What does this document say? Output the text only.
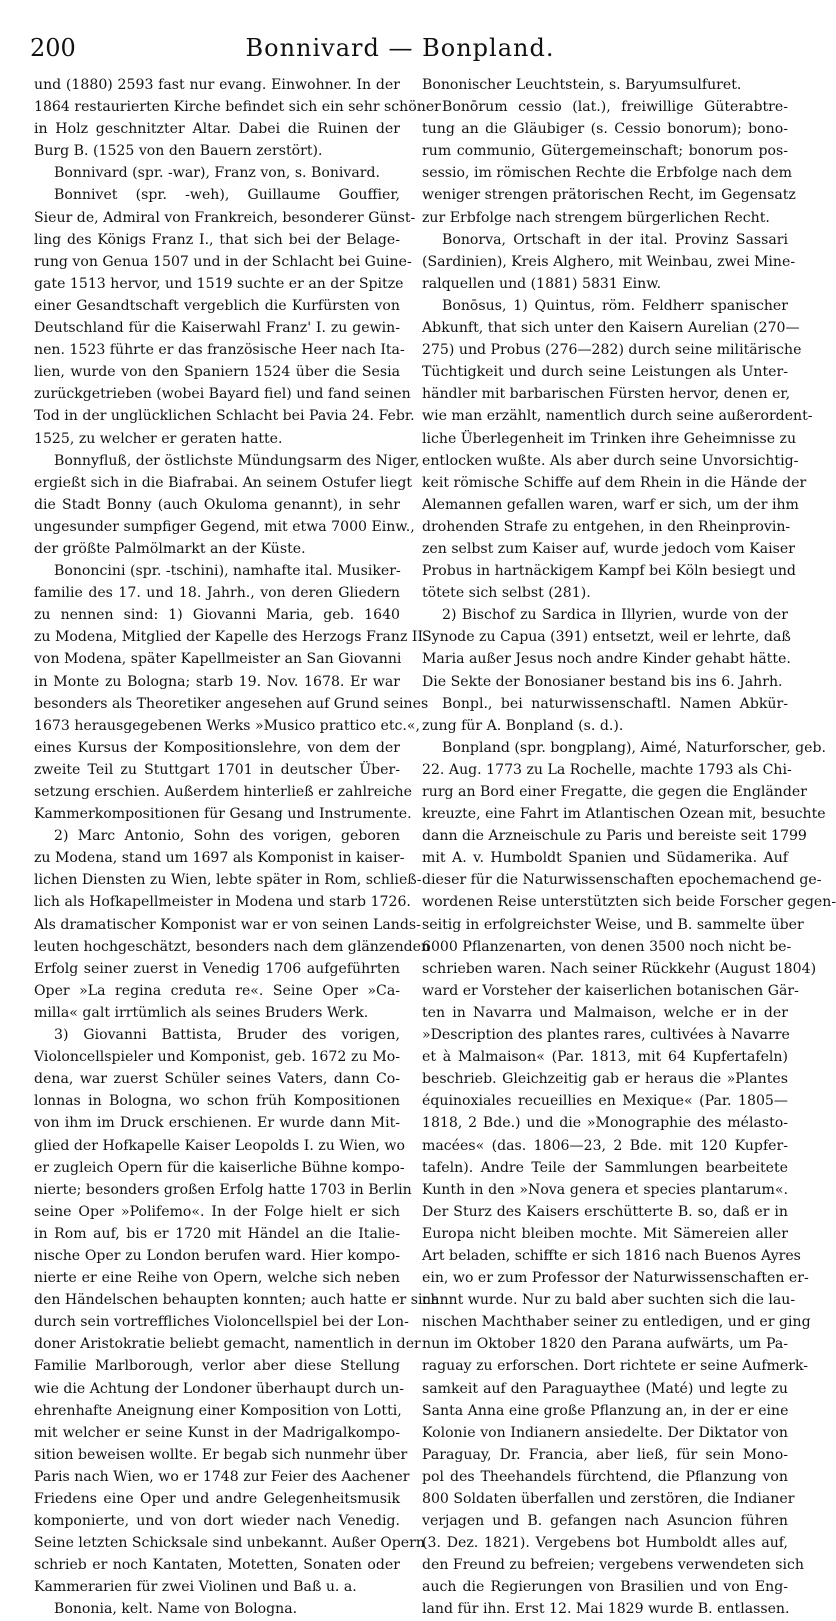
200	Bonnivard — Bonpland.
und (1880) 2593 fast nur evang. Einwohner. In der
1864 restaurierten Kirche befindet sich ein sehr schöner
in Holz geschnitzter Altar. Dabei die Ruinen der
Burg B. (1525 von den Bauern zerstört).
Bonnivard (spr. -war), Franz von, s. Bonivard.
Bonnivet (spr. -weh), Guillaume Gouffier,
Sieur de, Admiral von Frankreich, besonderer Günst-
ling des Königs Franz I., that sich bei der Belage-
rung von Genua 1507 und in der Schlacht bei Guine-
gate 1513 hervor, und 1519 suchte er an der Spitze
einer Gesandtschaft vergeblich die Kurfürsten von
Deutschland für die Kaiserwahl Franz' I. zu gewin-
nen. 1523 führte er das französische Heer nach Ita-
lien, wurde von den Spaniern 1524 über die Sesia
zurückgetrieben (wobei Bayard fiel) und fand seinen
Tod in der unglücklichen Schlacht bei Pavia 24. Febr.
1525, zu welcher er geraten hatte.
Bonnyfluß, der östlichste Mündungsarm des Niger,
ergießt sich in die Biafrabai. An seinem Ostufer liegt
die Stadt Bonny (auch Okuloma genannt), in sehr
ungesunder sumpfiger Gegend, mit etwa 7000 Einw.,
der größte Palmölmarkt an der Küste.
Bononcini (spr. -tschini), namhafte ital. Musiker-
familie des 17. und 18. Jahrh., von deren Gliedern
zu nennen sind: 1) Giovanni Maria, geb. 1640
zu Modena, Mitglied der Kapelle des Herzogs Franz II.
von Modena, später Kapellmeister an San Giovanni
in Monte zu Bologna; starb 19. Nov. 1678. Er war
besonders als Theoretiker angesehen auf Grund seines
1673 herausgegebenen Werks »Musico prattico etc.«,
eines Kursus der Kompositionslehre, von dem der
zweite Teil zu Stuttgart 1701 in deutscher Über-
setzung erschien. Außerdem hinterließ er zahlreiche
Kammerkompositionen für Gesang und Instrumente.
2) Marc Antonio, Sohn des vorigen, geboren
zu Modena, stand um 1697 als Komponist in kaiser-
lichen Diensten zu Wien, lebte später in Rom, schließ-
lich als Hofkapellmeister in Modena und starb 1726.
Als dramatischer Komponist war er von seinen Lands-
leuten hochgeschätzt, besonders nach dem glänzenden
Erfolg seiner zuerst in Venedig 1706 aufgeführten
Oper »La regina creduta re«. Seine Oper »Ca-
milla« galt irrtümlich als seines Bruders Werk.
3) Giovanni Battista, Bruder des vorigen,
Violoncellspieler und Komponist, geb. 1672 zu Mo-
dena, war zuerst Schüler seines Vaters, dann Co-
lonnas in Bologna, wo schon früh Kompositionen
von ihm im Druck erschienen. Er wurde dann Mit-
glied der Hofkapelle Kaiser Leopolds I. zu Wien, wo
er zugleich Opern für die kaiserliche Bühne kompo-
nierte; besonders großen Erfolg hatte 1703 in Berlin
seine Oper »Polifemo«. In der Folge hielt er sich
in Rom auf, bis er 1720 mit Händel an die Italie-
nische Oper zu London berufen ward. Hier kompo-
nierte er eine Reihe von Opern, welche sich neben
den Händelschen behaupten konnten; auch hatte er sich
durch sein vortreffliches Violoncellspiel bei der Lon-
doner Aristokratie beliebt gemacht, namentlich in der
Familie Marlborough, verlor aber diese Stellung
wie die Achtung der Londoner überhaupt durch un-
ehrenhafte Aneignung einer Komposition von Lotti,
mit welcher er seine Kunst in der Madrigalkompo-
sition beweisen wollte. Er begab sich nunmehr über
Paris nach Wien, wo er 1748 zur Feier des Aachener
Friedens eine Oper und andre Gelegenheitsmusik
komponierte, und von dort wieder nach Venedig.
Seine letzten Schicksale sind unbekannt. Außer Opern
schrieb er noch Kantaten, Motetten, Sonaten oder
Kammerarien für zwei Violinen und Baß u. a.
Bononia, kelt. Name von Bologna.
Bononischer Leuchtstein, s. Baryumsulfuret.
Bonōrum cessio (lat.), freiwillige Güterabtre-
tung an die Gläubiger (s. Cessio bonorum); bono-
rum communio, Gütergemeinschaft; bonorum pos-
sessio, im römischen Rechte die Erbfolge nach dem
weniger strengen prätorischen Recht, im Gegensatz
zur Erbfolge nach strengem bürgerlichen Recht.
Bonorva, Ortschaft in der ital. Provinz Sassari
(Sardinien), Kreis Alghero, mit Weinbau, zwei Mine-
ralquellen und (1881) 5831 Einw.
Bonōsus, 1) Quintus, röm. Feldherr spanischer
Abkunft, that sich unter den Kaisern Aurelian (270—
275) und Probus (276—282) durch seine militärische
Tüchtigkeit und durch seine Leistungen als Unter-
händler mit barbarischen Fürsten hervor, denen er,
wie man erzählt, namentlich durch seine außerordent-
liche Überlegenheit im Trinken ihre Geheimnisse zu
entlocken wußte. Als aber durch seine Unvorsichtig-
keit römische Schiffe auf dem Rhein in die Hände der
Alemannen gefallen waren, warf er sich, um der ihm
drohenden Strafe zu entgehen, in den Rheinprovin-
zen selbst zum Kaiser auf, wurde jedoch vom Kaiser
Probus in hartnäckigem Kampf bei Köln besiegt und
tötete sich selbst (281).
2) Bischof zu Sardica in Illyrien, wurde von der
Synode zu Capua (391) entsetzt, weil er lehrte, daß
Maria außer Jesus noch andre Kinder gehabt hätte.
Die Sekte der Bonosianer bestand bis ins 6. Jahrh.
Bonpl., bei naturwissenschaftl. Namen Abkür-
zung für A. Bonpland (s. d.).
Bonpland (spr. bongplang), Aimé, Naturforscher, geb.
22. Aug. 1773 zu La Rochelle, machte 1793 als Chi-
rurg an Bord einer Fregatte, die gegen die Engländer
kreuzte, eine Fahrt im Atlantischen Ozean mit, besuchte
dann die Arzneischule zu Paris und bereiste seit 1799
mit A. v. Humboldt Spanien und Südamerika. Auf
dieser für die Naturwissenschaften epochemachend ge-
wordenen Reise unterstützten sich beide Forscher gegen-
seitig in erfolgreichster Weise, und B. sammelte über
6000 Pflanzenarten, von denen 3500 noch nicht be-
schrieben waren. Nach seiner Rückkehr (August 1804)
ward er Vorsteher der kaiserlichen botanischen Gär-
ten in Navarra und Malmaison, welche er in der
»Description des plantes rares, cultivées à Navarre
et à Malmaison« (Par. 1813, mit 64 Kupfertafeln)
beschrieb. Gleichzeitig gab er heraus die »Plantes
équinoxiales recueillies en Mexique« (Par. 1805—
1818, 2 Bde.) und die »Monographie des mélasto-
macées« (das. 1806—23, 2 Bde. mit 120 Kupfer-
tafeln). Andre Teile der Sammlungen bearbeitete
Kunth in den »Nova genera et species plantarum«.
Der Sturz des Kaisers erschütterte B. so, daß er in
Europa nicht bleiben mochte. Mit Sämereien aller
Art beladen, schiffte er sich 1816 nach Buenos Ayres
ein, wo er zum Professor der Naturwissenschaften er-
nannt wurde. Nur zu bald aber suchten sich die lau-
nischen Machthaber seiner zu entledigen, und er ging
nun im Oktober 1820 den Parana aufwärts, um Pa-
raguay zu erforschen. Dort richtete er seine Aufmerk-
samkeit auf den Paraguaythee (Maté) und legte zu
Santa Anna eine große Pflanzung an, in der er eine
Kolonie von Indianern ansiedelte. Der Diktator von
Paraguay, Dr. Francia, aber ließ, für sein Mono-
pol des Theehandels fürchtend, die Pflanzung von
800 Soldaten überfallen und zerstören, die Indianer
verjagen und B. gefangen nach Asuncion führen
(3. Dez. 1821). Vergebens bot Humboldt alles auf,
den Freund zu befreien; vergebens verwendeten sich
auch die Regierungen von Brasilien und von Eng-
land für ihn. Erst 12. Mai 1829 wurde B. entlassen.
